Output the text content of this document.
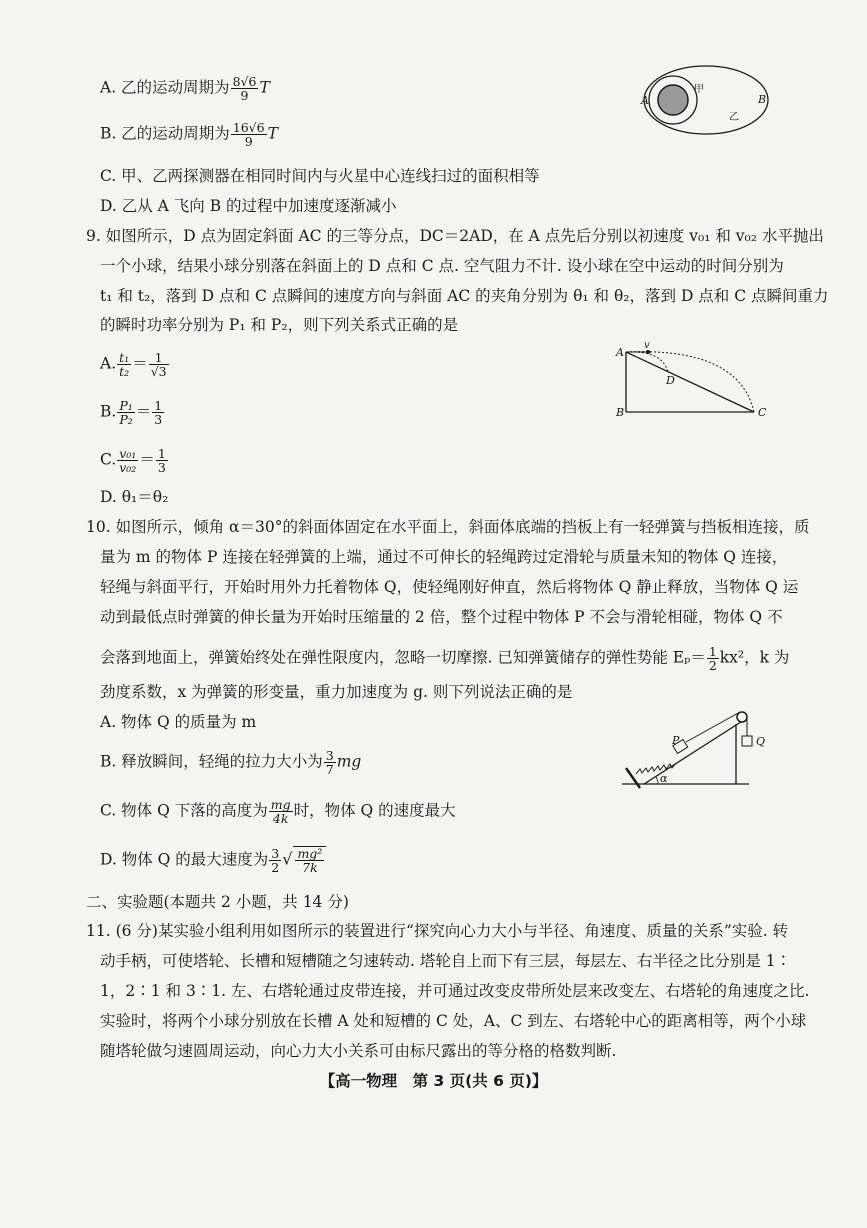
A. 乙的运动周期为 $\frac{8√6}{9}$ T
B. 乙的运动周期为 $\frac{16√6}{9}$ T
C. 甲、乙两探测器在相同时间内与火星中心连线扫过的面积相等
D. 乙从 A 飞向 B 的过程中加速度逐渐减小
A	B
甲
乙
9. 如图所示，D 点为固定斜面 AC 的三等分点，DC＝2AD，在 A 点先后分别以初速度 v₀₁ 和 v₀₂ 水平抛出
一个小球，结果小球分别落在斜面上的 D 点和 C 点. 空气阻力不计. 设小球在空中运动的时间分别为
t₁ 和 t₂，落到 D 点和 C 点瞬间的速度方向与斜面 AC 的夹角分别为 θ₁ 和 θ₂，落到 D 点和 C 点瞬间重力
的瞬时功率分别为 P₁ 和 P₂，则下列关系式正确的是
A. $\frac{\text{t₁}}{\text{t₂}} = \frac{1}{√3}$
B. $\frac{\text{P₁}}{\text{P₂}} = \frac{1}{3}$
C. $\frac{\text{v₀₁}}{\text{v₀₂}} = \frac{1}{3}$
D. θ₁＝θ₂
A
B	C
D
v
10. 如图所示，倾角 α＝30°的斜面体固定在水平面上，斜面体底端的挡板上有一轻弹簧与挡板相连接，质
量为 m 的物体 P 连接在轻弹簧的上端，通过不可伸长的轻绳跨过定滑轮与质量未知的物体 Q 连接，
轻绳与斜面平行，开始时用外力托着物体 Q，使轻绳刚好伸直，然后将物体 Q 静止释放，当物体 Q 运
动到最低点时弹簧的伸长量为开始时压缩量的 2 倍，整个过程中物体 P 不会与滑轮相碰，物体 Q 不
会落到地面上，弹簧始终处在弹性限度内，忽略一切摩擦. 已知弹簧储存的弹性势能 $E_p= \frac{1}{2} kx^2$，k 为
劲度系数，x 为弹簧的形变量，重力加速度为 g. 则下列说法正确的是
A. 物体 Q 的质量为 m
B. 释放瞬间，轻绳的拉力大小为 $\frac{3}{7}$ mg
C. 物体 Q 下落的高度为 $\frac{mg}{4k}$ 时，物体 Q 的速度最大
D. 物体 Q 的最大速度为 $\frac{3}{2}$ √ $\frac{\text{mg²}}{7k}$
P	Q
α
二、实验题(本题共 2 小题，共 14 分)
11. (6 分)某实验小组利用如图所示的装置进行“探究向心力大小与半径、角速度、质量的关系”实验. 转
动手柄，可使塔轮、长槽和短槽随之匀速转动. 塔轮自上而下有三层，每层左、右半径之比分别是 1∶
1，2∶1 和 3∶1. 左、右塔轮通过皮带连接，并可通过改变皮带所处层来改变左、右塔轮的角速度之比.
实验时，将两个小球分别放在长槽 A 处和短槽的 C 处，A、C 到左、右塔轮中心的距离相等，两个小球
随塔轮做匀速圆周运动，向心力大小关系可由标尺露出的等分格的格数判断.
【高一物理　第 3 页(共 6 页)】
